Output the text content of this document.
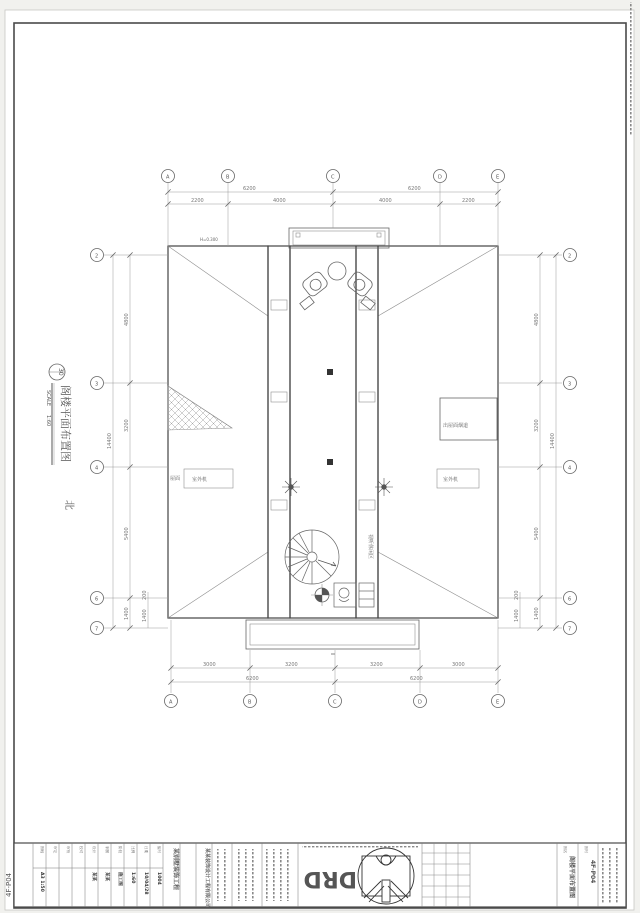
屋面 室外机	室外机
出屋面烟道
视听休闲区
H=0.300
6200	6200
2200	4000	4000	2200
A	B	C	D	E
3000	3200	3200	3000
6200	6200
A	B	C	D	E
4800
3200
5400
1400
14400
200
1400
2
3
4
6
7
4800
3200
5400
1400
14400
200
1400
2
3
4
6
7
30
阁楼平面布置图
SCALE
1:60
北
图幅
A3 1:50
审定	审核	校对	设计
某某
制图
某某
阶段
施工图
比例
1:60
日期
10/04/28
编号
1004 某别墅装饰工程	某某装饰设计工程有限公司	DRD
图名
阁楼平面布置图
图号
4F-P04
4F-P04
